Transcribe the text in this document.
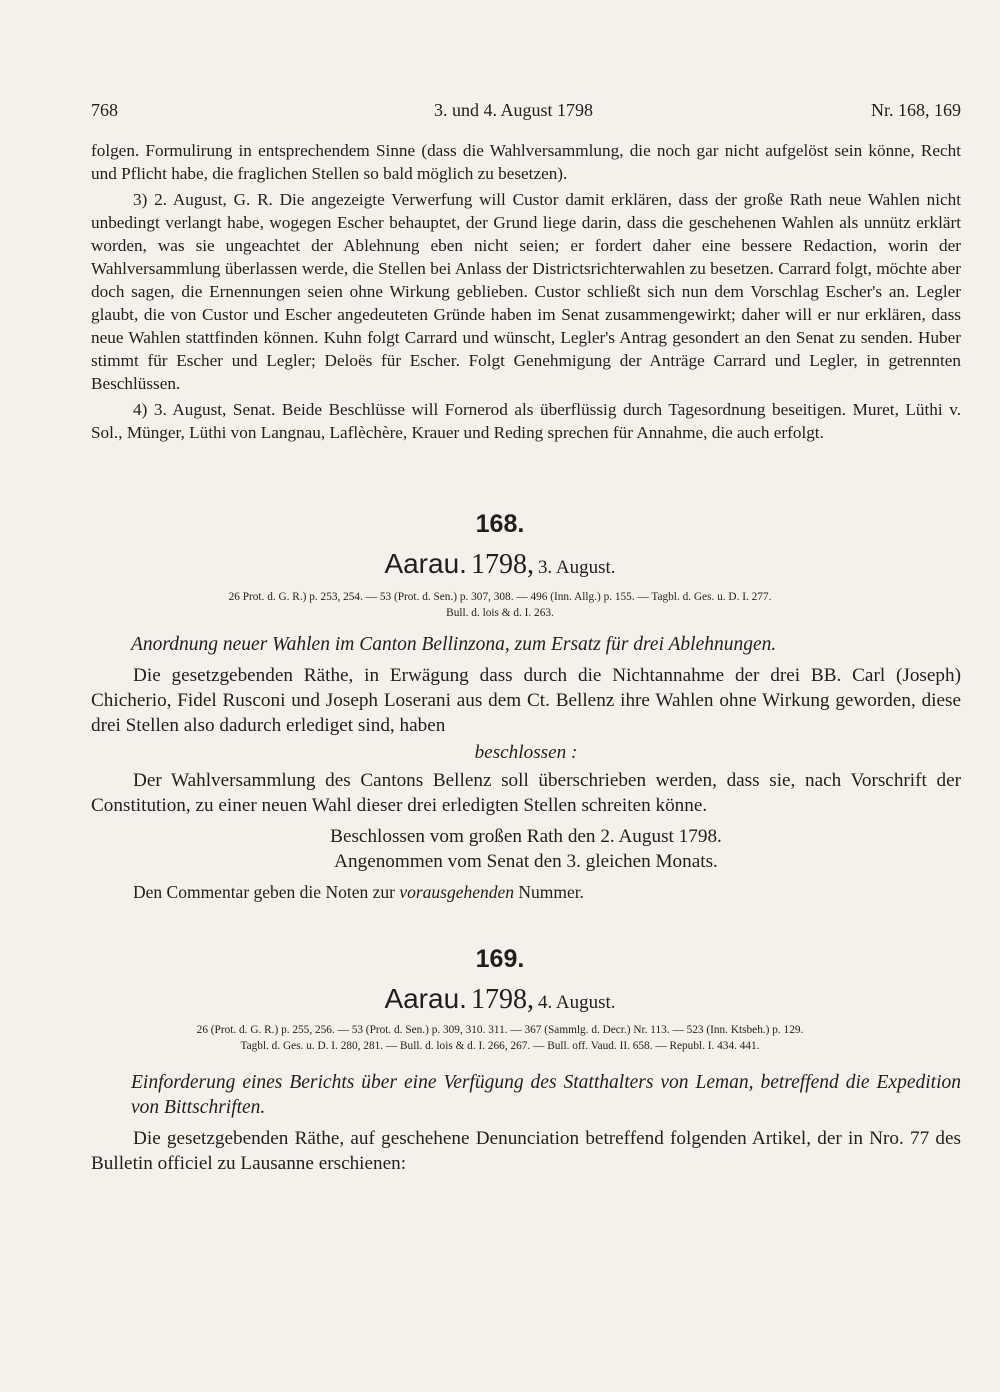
768	3. und 4. August 1798	Nr. 168, 169

folgen. Formulirung in entsprechendem Sinne (dass die Wahlversammlung, die noch gar nicht aufgelöst sein könne, Recht und Pflicht habe, die fraglichen Stellen so bald möglich zu besetzen).

3) 2. August, G. R. Die angezeigte Verwerfung will Custor damit erklären, dass der große Rath neue Wahlen nicht unbedingt verlangt habe, wogegen Escher behauptet, der Grund liege darin, dass die geschehenen Wahlen als unnütz erklärt worden, was sie ungeachtet der Ablehnung eben nicht seien; er fordert daher eine bessere Redaction, worin der Wahlversammlung überlassen werde, die Stellen bei Anlass der Districtsrichterwahlen zu besetzen. Carrard folgt, möchte aber doch sagen, die Ernennungen seien ohne Wirkung geblieben. Custor schließt sich nun dem Vorschlag Escher's an. Legler glaubt, die von Custor und Escher angedeuteten Gründe haben im Senat zusammengewirkt; daher will er nur erklären, dass neue Wahlen stattfinden können. Kuhn folgt Carrard und wünscht, Legler's Antrag gesondert an den Senat zu senden. Huber stimmt für Escher und Legler; Deloës für Escher. Folgt Genehmigung der Anträge Carrard und Legler, in getrennten Beschlüssen.

4) 3. August, Senat. Beide Beschlüsse will Fornerod als überflüssig durch Tagesordnung beseitigen. Muret, Lüthi v. Sol., Münger, Lüthi von Langnau, Laflèchère, Krauer und Reding sprechen für Annahme, die auch erfolgt.

168.
Aarau. 1798, 3. August.
26 Prot. d. G. R.) p. 253, 254. — 53 (Prot. d. Sen.) p. 307, 308. — 496 (Inn. Allg.) p. 155. — Tagbl. d. Ges. u. D. I. 277.
Bull. d. lois & d. I. 263.
Anordnung neuer Wahlen im Canton Bellinzona, zum Ersatz für drei Ablehnungen.

Die gesetzgebenden Räthe, in Erwägung dass durch die Nichtannahme der drei BB. Carl (Joseph) Chicherio, Fidel Rusconi und Joseph Loserani aus dem Ct. Bellenz ihre Wahlen ohne Wirkung geworden, diese drei Stellen also dadurch erlediget sind, haben

beschlossen :

Der Wahlversammlung des Cantons Bellenz soll überschrieben werden, dass sie, nach Vorschrift der Constitution, zu einer neuen Wahl dieser drei erledigten Stellen schreiten könne.

Beschlossen vom großen Rath den 2. August 1798.

Angenommen vom Senat den 3. gleichen Monats.

Den Commentar geben die Noten zur vorausgehenden Nummer.

169.
Aarau. 1798, 4. August.
26 (Prot. d. G. R.) p. 255, 256. — 53 (Prot. d. Sen.) p. 309, 310. 311. — 367 (Sammlg. d. Decr.) Nr. 113. — 523 (Inn. Ktsbeh.) p. 129.
Tagbl. d. Ges. u. D. I. 280, 281. — Bull. d. lois & d. I. 266, 267. — Bull. off. Vaud. II. 658. — Republ. I. 434. 441.
Einforderung eines Berichts über eine Verfügung des Statthalters von Leman, betreffend die Expedition von Bittschriften.

Die gesetzgebenden Räthe, auf geschehene Denunciation betreffend folgenden Artikel, der in Nro. 77 des Bulletin officiel zu Lausanne erschienen:
